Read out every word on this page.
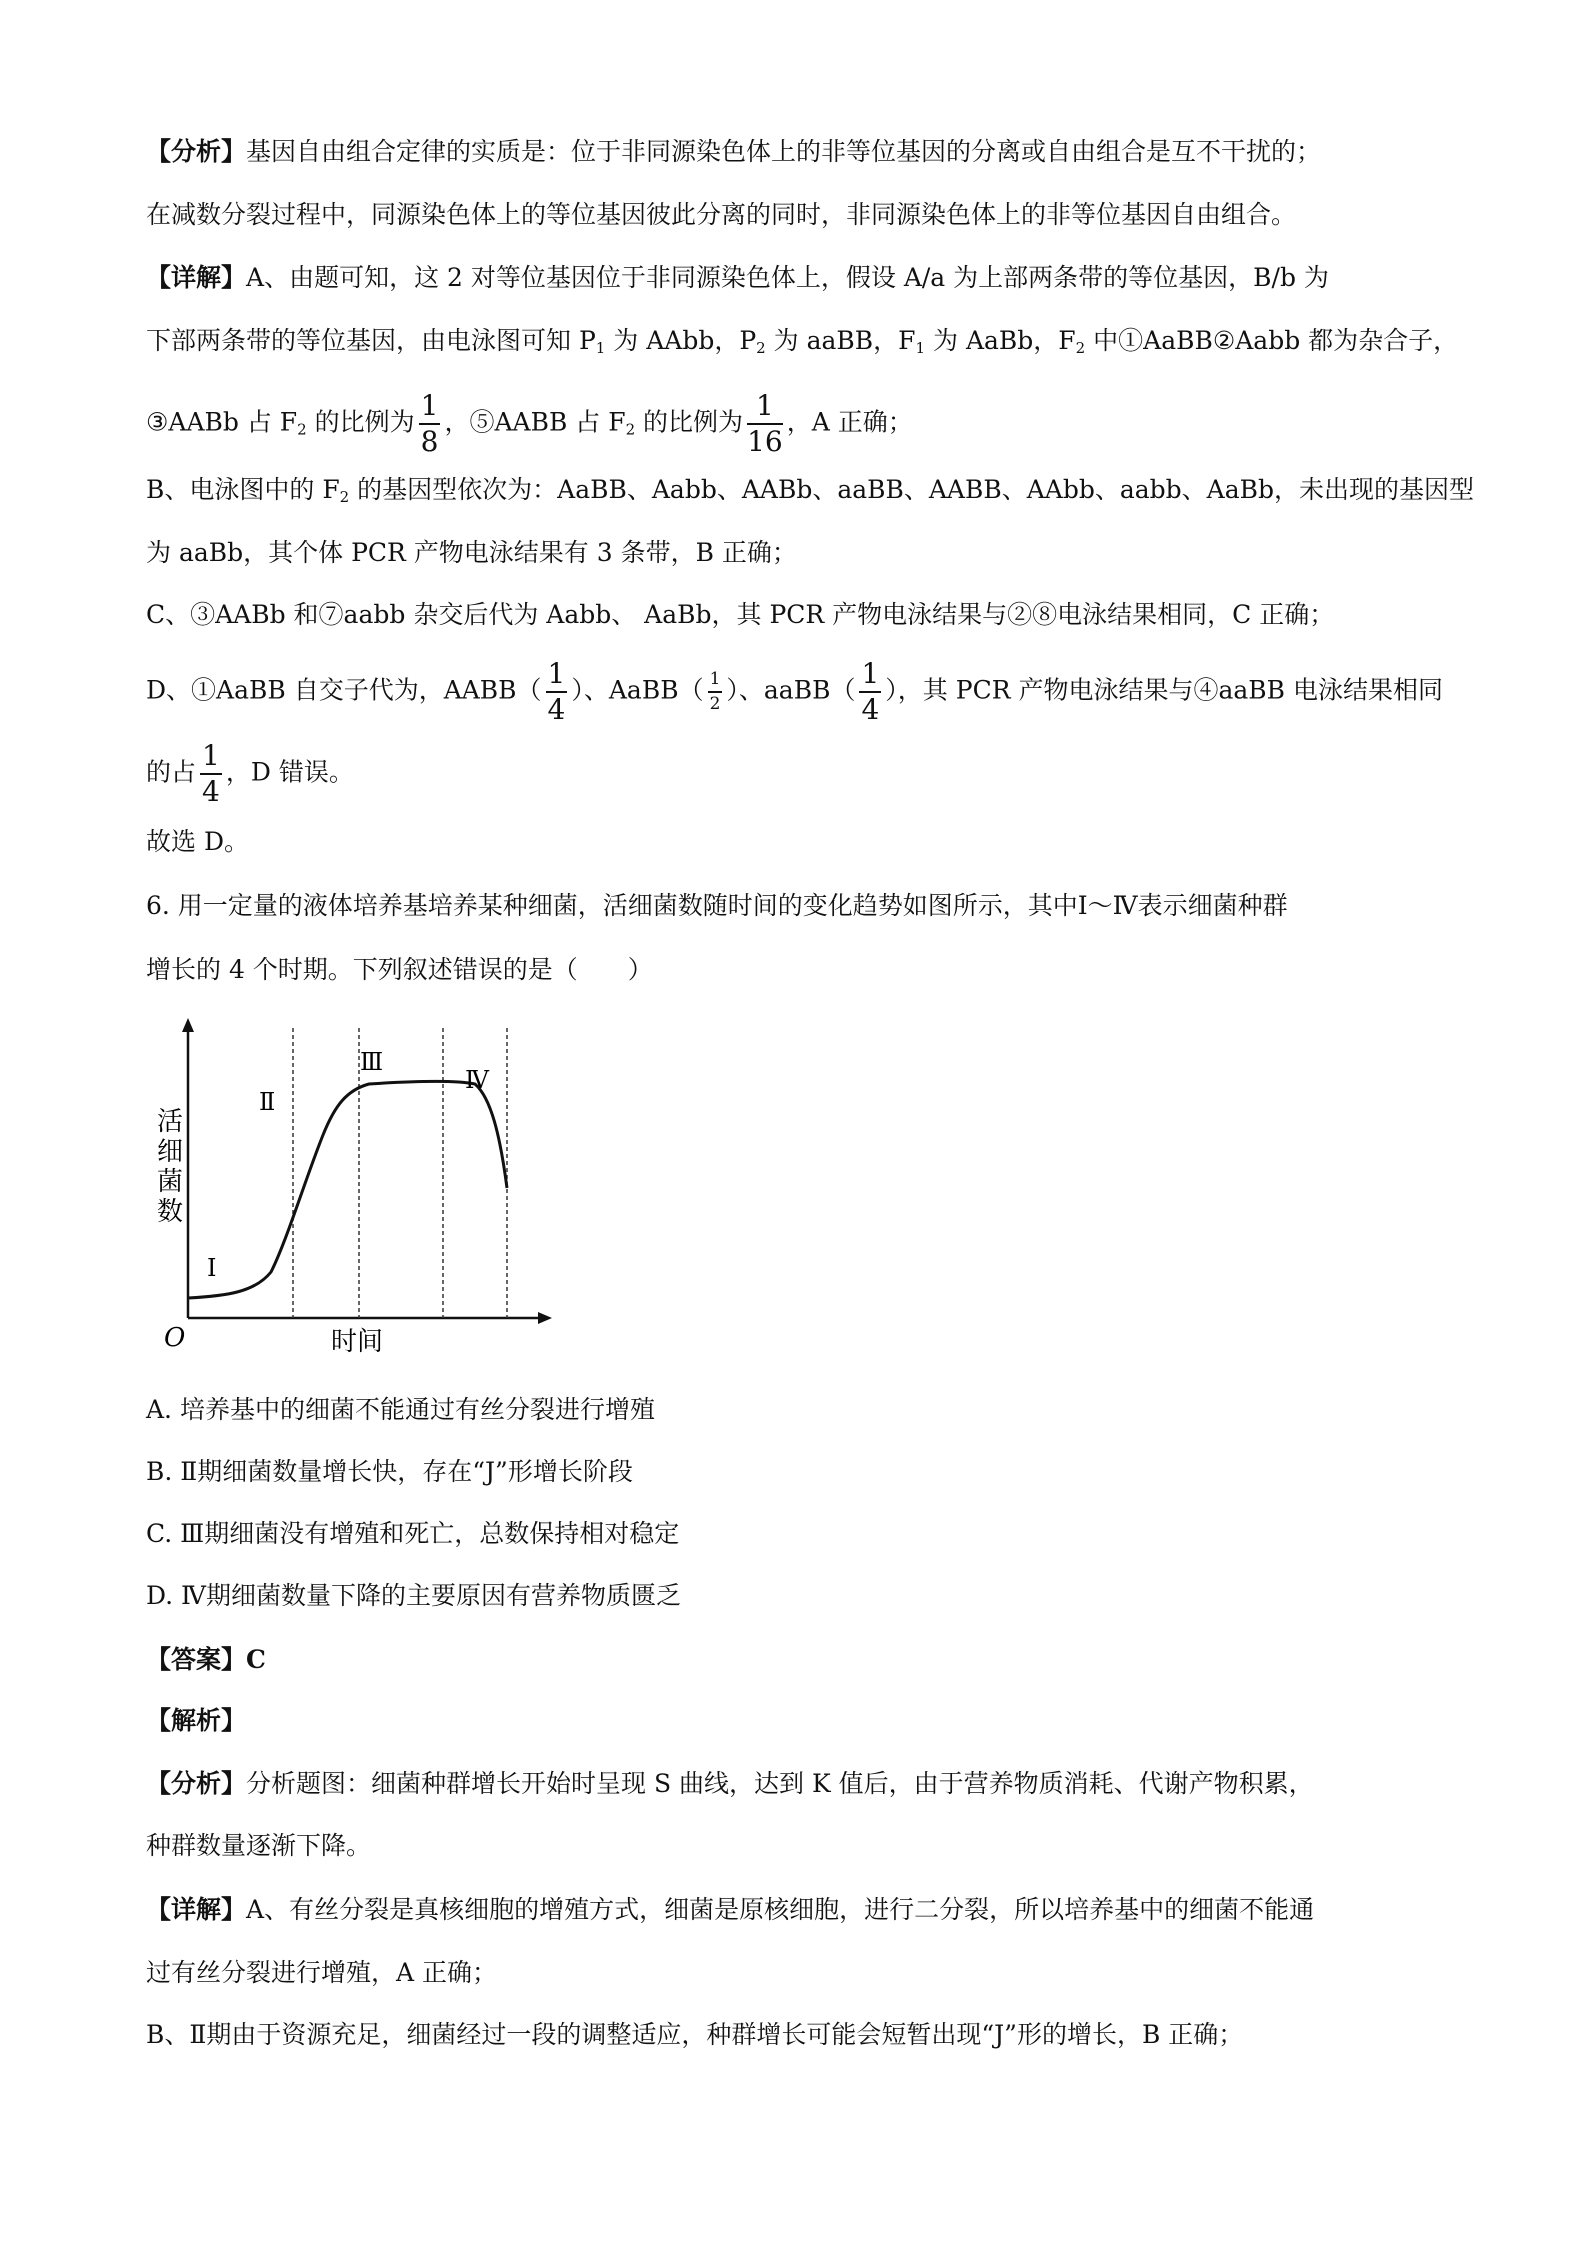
【分析】基因自由组合定律的实质是：位于非同源染色体上的非等位基因的分离或自由组合是互不干扰的；
在减数分裂过程中，同源染色体上的等位基因彼此分离的同时，非同源染色体上的非等位基因自由组合。
【详解】A、由题可知，这 2 对等位基因位于非同源染色体上，假设 A/a 为上部两条带的等位基因，B/b 为
下部两条带的等位基因，由电泳图可知 $P_1$ 为 AAbb，$P_2$ 为 aaBB，$F_1$ 为 AaBb，$F_2$ 中①AaBB②Aabb 都为杂合子，
③AABb 占 $F_2$ 的比例为 $\frac{1}{8}$ ，⑤AABB 占 $F_2$ 的比例为 $\frac{1}{16}$ ，A 正确；
B、电泳图中的 $F_2$ 的基因型依次为：AaBB、Aabb、AABb、aaBB、AABB、AAbb、aabb、AaBb，未出现的基因型
为 aaBb，其个体 PCR 产物电泳结果有 3 条带，B 正确；
C、③AABb 和⑦aabb 杂交后代为 Aabb、 AaBb，其 PCR 产物电泳结果与②⑧电泳结果相同，C 正确；
D、①AaBB 自交子代为，AABB（ $\frac{1}{4}$ ）、AaBB（ $\frac{1}{2}$ ）、aaBB（ $\frac{1}{4}$ ），其 PCR 产物电泳结果与④aaBB 电泳结果相同
的占 $\frac{1}{4}$ ，D 错误。
故选 D。
6. 用一定量的液体培养基培养某种细菌，活细菌数随时间的变化趋势如图所示，其中Ⅰ～Ⅳ表示细菌种群
增长的 4 个时期。下列叙述错误的是（　　）
活
细
菌
数
O	时间
Ⅰ
Ⅱ
Ⅲ
Ⅳ
A. 培养基中的细菌不能通过有丝分裂进行增殖
B. Ⅱ期细菌数量增长快，存在“J”形增长阶段
C. Ⅲ期细菌没有增殖和死亡，总数保持相对稳定
D. Ⅳ期细菌数量下降的主要原因有营养物质匮乏
【答案】C
【解析】
【分析】分析题图：细菌种群增长开始时呈现 S 曲线，达到 K 值后，由于营养物质消耗、代谢产物积累，
种群数量逐渐下降。
【详解】A、有丝分裂是真核细胞的增殖方式，细菌是原核细胞，进行二分裂，所以培养基中的细菌不能通
过有丝分裂进行增殖，A 正确；
B、Ⅱ期由于资源充足，细菌经过一段的调整适应，种群增长可能会短暂出现“J”形的增长，B 正确；
